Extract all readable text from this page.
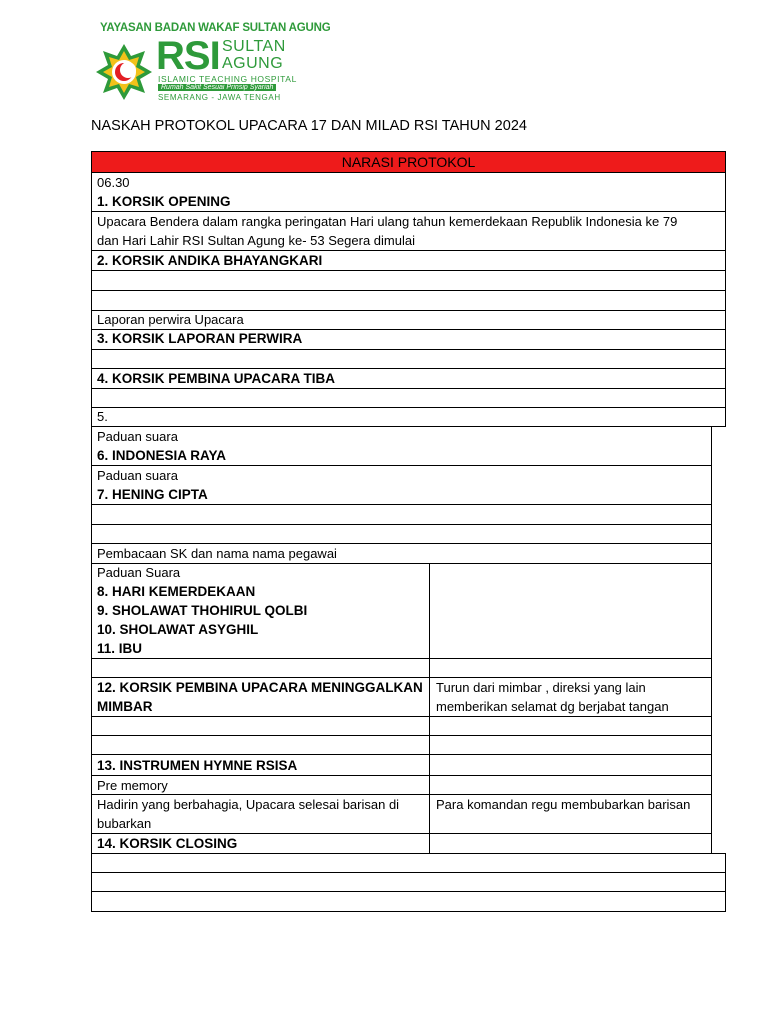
YAYASAN BADAN WAKAF SULTAN AGUNG
RSI SULTAN
AGUNG
ISLAMIC TEACHING HOSPITAL
Rumah Sakit Sesuai Prinsip Syariah
SEMARANG - JAWA TENGAH
NASKAH PROTOKOL UPACARA 17 DAN MILAD RSI TAHUN 2024
NARASI PROTOKOL
06.30
1. KORSIK OPENING
Upacara Bendera dalam rangka peringatan Hari ulang tahun kemerdekaan Republik Indonesia ke 79
dan Hari Lahir RSI Sultan Agung ke- 53 Segera dimulai
2. KORSIK ANDIKA BHAYANGKARI
Laporan perwira Upacara
3. KORSIK LAPORAN PERWIRA
4. KORSIK PEMBINA UPACARA TIBA
5.
Paduan suara
6. INDONESIA RAYA
Paduan suara
7. HENING CIPTA
Pembacaan SK dan nama nama pegawai
Paduan Suara
8. HARI KEMERDEKAAN
9. SHOLAWAT THOHIRUL QOLBI
10. SHOLAWAT ASYGHIL
11. IBU
12. KORSIK PEMBINA UPACARA MENINGGALKAN
MIMBAR
Turun dari mimbar , direksi yang lain
memberikan selamat dg berjabat tangan
13. INSTRUMEN HYMNE RSISA
Pre memory
Hadirin yang berbahagia, Upacara selesai barisan di
bubarkan
Para komandan regu membubarkan barisan
14. KORSIK CLOSING
